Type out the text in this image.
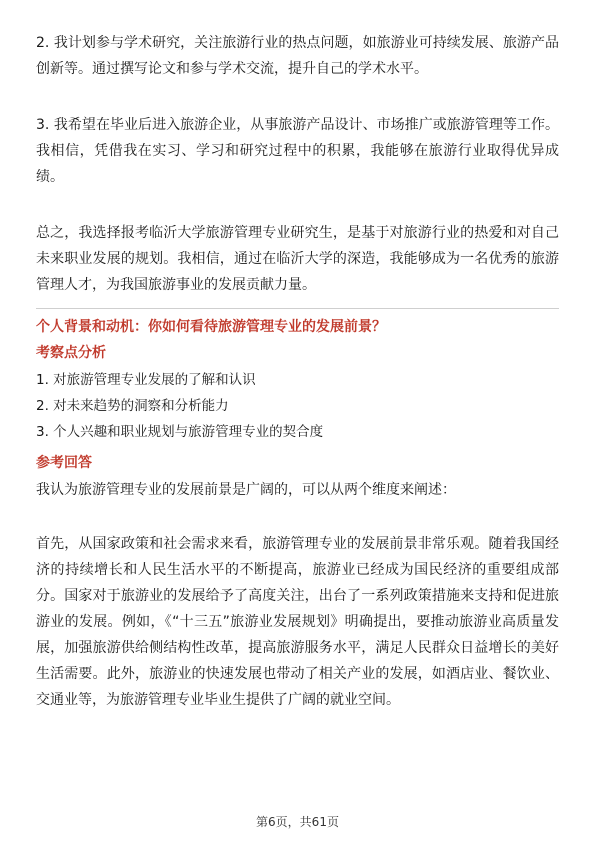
2. 我计划参与学术研究，关注旅游行业的热点问题，如旅游业可持续发展、旅游产品创新等。通过撰写论文和参与学术交流，提升自己的学术水平。

3. 我希望在毕业后进入旅游企业，从事旅游产品设计、市场推广或旅游管理等工作。我相信，凭借我在实习、学习和研究过程中的积累，我能够在旅游行业取得优异成绩。

总之，我选择报考临沂大学旅游管理专业研究生，是基于对旅游行业的热爱和对自己未来职业发展的规划。我相信，通过在临沂大学的深造，我能够成为一名优秀的旅游管理人才，为我国旅游事业的发展贡献力量。

个人背景和动机：你如何看待旅游管理专业的发展前景？

考察点分析

1. 对旅游管理专业发展的了解和认识

2. 对未来趋势的洞察和分析能力

3. 个人兴趣和职业规划与旅游管理专业的契合度

参考回答

我认为旅游管理专业的发展前景是广阔的，可以从两个维度来阐述：

首先，从国家政策和社会需求来看，旅游管理专业的发展前景非常乐观。随着我国经济的持续增长和人民生活水平的不断提高，旅游业已经成为国民经济的重要组成部分。国家对于旅游业的发展给予了高度关注，出台了一系列政策措施来支持和促进旅游业的发展。例如，《“十三五”旅游业发展规划》明确提出，要推动旅游业高质量发展，加强旅游供给侧结构性改革，提高旅游服务水平，满足人民群众日益增长的美好生活需要。此外，旅游业的快速发展也带动了相关产业的发展，如酒店业、餐饮业、交通业等，为旅游管理专业毕业生提供了广阔的就业空间。

第6页，共61页
